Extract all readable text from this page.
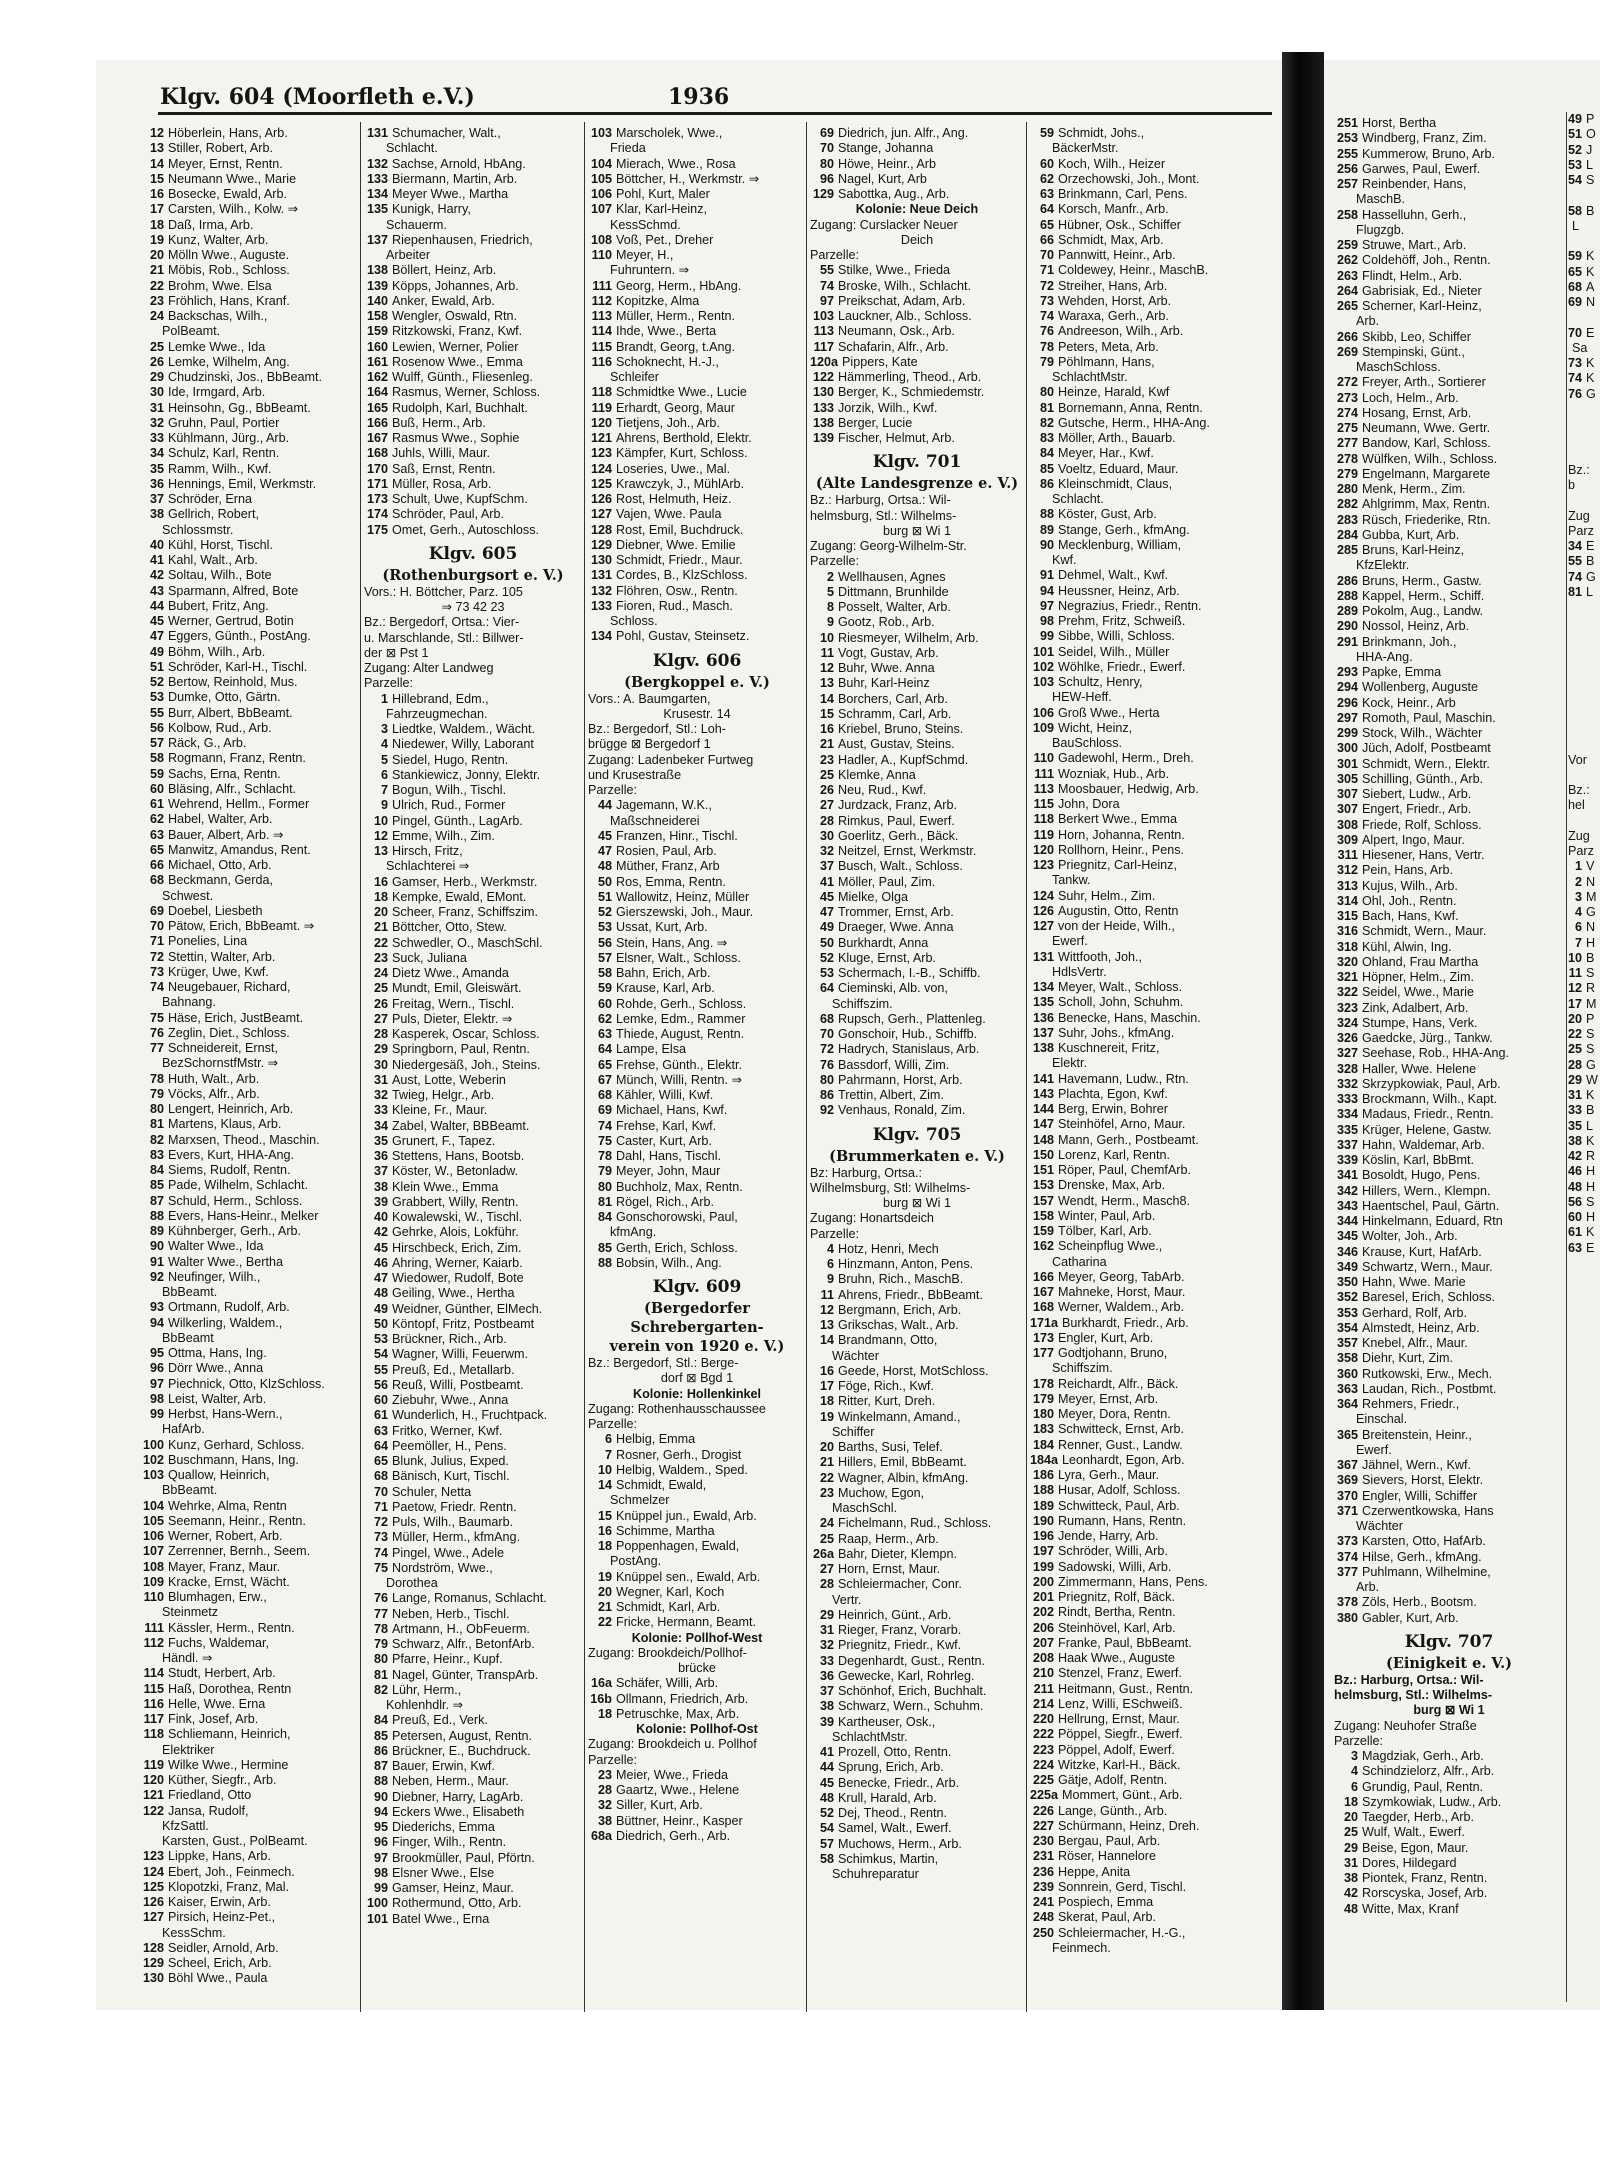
Klgv. 604 (Moorfleth e.V.)	1936
12 Höberlein, Hans, Arb.
13 Stiller, Robert, Arb.
14 Meyer, Ernst, Rentn.
15 Neumann Wwe., Marie
16 Bosecke, Ewald, Arb.
17 Carsten, Wilh., Kolw. ⇒
18 Daß, Irma, Arb.
19 Kunz, Walter, Arb.
20 Mölln Wwe., Auguste.
21 Möbis, Rob., Schloss.
22 Brohm, Wwe. Elsa
23 Fröhlich, Hans, Kranf.
24 Backschas, Wilh.,
PolBeamt.
25 Lemke Wwe., Ida
26 Lemke, Wilhelm, Ang.
29 Chudzinski, Jos., BbBeamt.
30 Ide, Irmgard, Arb.
31 Heinsohn, Gg., BbBeamt.
32 Gruhn, Paul, Portier
33 Kühlmann, Jürg., Arb.
34 Schulz, Karl, Rentn.
35 Ramm, Wilh., Kwf.
36 Hennings, Emil, Werkmstr.
37 Schröder, Erna
38 Gellrich, Robert,
Schlossmstr.
40 Kühl, Horst, Tischl.
41 Kahl, Walt., Arb.
42 Soltau, Wilh., Bote
43 Sparmann, Alfred, Bote
44 Bubert, Fritz, Ang.
45 Werner, Gertrud, Botin
47 Eggers, Günth., PostAng.
49 Böhm, Wilh., Arb.
51 Schröder, Karl-H., Tischl.
52 Bertow, Reinhold, Mus.
53 Dumke, Otto, Gärtn.
55 Burr, Albert, BbBeamt.
56 Kolbow, Rud., Arb.
57 Räck, G., Arb.
58 Rogmann, Franz, Rentn.
59 Sachs, Erna, Rentn.
60 Bläsing, Alfr., Schlacht.
61 Wehrend, Hellm., Former
62 Habel, Walter, Arb.
63 Bauer, Albert, Arb. ⇒
65 Manwitz, Amandus, Rent.
66 Michael, Otto, Arb.
68 Beckmann, Gerda,
Schwest.
69 Doebel, Liesbeth
70 Pätow, Erich, BbBeamt. ⇒
71 Ponelies, Lina
72 Stettin, Walter, Arb.
73 Krüger, Uwe, Kwf.
74 Neugebauer, Richard,
Bahnang.
75 Häse, Erich, JustBeamt.
76 Zeglin, Diet., Schloss.
77 Schneidereit, Ernst,
BezSchornstfMstr. ⇒
78 Huth, Walt., Arb.
79 Vöcks, Alfr., Arb.
80 Lengert, Heinrich, Arb.
81 Martens, Klaus, Arb.
82 Marxsen, Theod., Maschin.
83 Evers, Kurt, HHA-Ang.
84 Siems, Rudolf, Rentn.
85 Pade, Wilhelm, Schlacht.
87 Schuld, Herm., Schloss.
88 Evers, Hans-Heinr., Melker
89 Kühnberger, Gerh., Arb.
90 Walter Wwe., Ida
91 Walter Wwe., Bertha
92 Neufinger, Wilh.,
BbBeamt.
93 Ortmann, Rudolf, Arb.
94 Wilkerling, Waldem.,
BbBeamt
95 Ottma, Hans, Ing.
96 Dörr Wwe., Anna
97 Piechnick, Otto, KlzSchloss.
98 Leist, Walter, Arb.
99 Herbst, Hans-Wern.,
HafArb.
100 Kunz, Gerhard, Schloss.
102 Buschmann, Hans, Ing.
103 Quallow, Heinrich,
BbBeamt.
104 Wehrke, Alma, Rentn
105 Seemann, Heinr., Rentn.
106 Werner, Robert, Arb.
107 Zerrenner, Bernh., Seem.
108 Mayer, Franz, Maur.
109 Kracke, Ernst, Wächt.
110 Blumhagen, Erw.,
Steinmetz
111 Kässler, Herm., Rentn.
112 Fuchs, Waldemar,
Händl. ⇒
114 Studt, Herbert, Arb.
115 Haß, Dorothea, Rentn
116 Helle, Wwe. Erna
117 Fink, Josef, Arb.
118 Schliemann, Heinrich,
Elektriker
119 Wilke Wwe., Hermine
120 Küther, Siegfr., Arb.
121 Friedland, Otto
122 Jansa, Rudolf,
KfzSattl.
Karsten, Gust., PolBeamt.
123 Lippke, Hans, Arb.
124 Ebert, Joh., Feinmech.
125 Klopotzki, Franz, Mal.
126 Kaiser, Erwin, Arb.
127 Pirsich, Heinz-Pet.,
KessSchm.
128 Seidler, Arnold, Arb.
129 Scheel, Erich, Arb.
130 Böhl Wwe., Paula
131 Schumacher, Walt.,
Schlacht.
132 Sachse, Arnold, HbAng.
133 Biermann, Martin, Arb.
134 Meyer Wwe., Martha
135 Kunigk, Harry,
Schauerm.
137 Riepenhausen, Friedrich,
Arbeiter
138 Böllert, Heinz, Arb.
139 Köpps, Johannes, Arb.
140 Anker, Ewald, Arb.
158 Wengler, Oswald, Rtn.
159 Ritzkowski, Franz, Kwf.
160 Lewien, Werner, Polier
161 Rosenow Wwe., Emma
162 Wulff, Günth., Fliesenleg.
164 Rasmus, Werner, Schloss.
165 Rudolph, Karl, Buchhalt.
166 Buß, Herm., Arb.
167 Rasmus Wwe., Sophie
168 Juhls, Willi, Maur.
170 Saß, Ernst, Rentn.
171 Müller, Rosa, Arb.
173 Schult, Uwe, KupfSchm.
174 Schröder, Paul, Arb.
175 Omet, Gerh., Autoschloss.
Klgv. 605
(Rothenburgsort e. V.)
Vors.: H. Böttcher, Parz. 105
⇒ 73 42 23
Bz.: Bergedorf, Ortsa.: Vier-
u. Marschlande, Stl.: Billwer-
der ⊠ Pst 1
Zugang: Alter Landweg
Parzelle:
1 Hillebrand, Edm.,
Fahrzeugmechan.
3 Liedtke, Waldem., Wächt.
4 Niedewer, Willy, Laborant
5 Siedel, Hugo, Rentn.
6 Stankiewicz, Jonny, Elektr.
7 Bogun, Wilh., Tischl.
9 Ulrich, Rud., Former
10 Pingel, Günth., LagArb.
12 Emme, Wilh., Zim.
13 Hirsch, Fritz,
Schlachterei ⇒
16 Gamser, Herb., Werkmstr.
18 Kempke, Ewald, EMont.
20 Scheer, Franz, Schiffszim.
21 Böttcher, Otto, Stew.
22 Schwedler, O., MaschSchl.
23 Suck, Juliana
24 Dietz Wwe., Amanda
25 Mundt, Emil, Gleiswärt.
26 Freitag, Wern., Tischl.
27 Puls, Dieter, Elektr. ⇒
28 Kasperek, Oscar, Schloss.
29 Springborn, Paul, Rentn.
30 Niedergesäß, Joh., Steins.
31 Aust, Lotte, Weberin
32 Twieg, Helgr., Arb.
33 Kleine, Fr., Maur.
34 Zabel, Walter, BBBeamt.
35 Grunert, F., Tapez.
36 Stettens, Hans, Bootsb.
37 Köster, W., Betonladw.
38 Klein Wwe., Emma
39 Grabbert, Willy, Rentn.
40 Kowalewski, W., Tischl.
42 Gehrke, Alois, Lokführ.
45 Hirschbeck, Erich, Zim.
46 Ahring, Werner, Kaiarb.
47 Wiedower, Rudolf, Bote
48 Geiling, Wwe., Hertha
49 Weidner, Günther, ElMech.
50 Köntopf, Fritz, Postbeamt
53 Brückner, Rich., Arb.
54 Wagner, Willi, Feuerwm.
55 Preuß, Ed., Metallarb.
56 Reuß, Willi, Postbeamt.
60 Ziebuhr, Wwe., Anna
61 Wunderlich, H., Fruchtpack.
63 Fritko, Werner, Kwf.
64 Peemöller, H., Pens.
65 Blunk, Julius, Exped.
68 Bänisch, Kurt, Tischl.
70 Schuler, Netta
71 Paetow, Friedr. Rentn.
72 Puls, Wilh., Baumarb.
73 Müller, Herm., kfmAng.
74 Pingel, Wwe., Adele
75 Nordström, Wwe.,
Dorothea
76 Lange, Romanus, Schlacht.
77 Neben, Herb., Tischl.
78 Artmann, H., ObFeuerm.
79 Schwarz, Alfr., BetonfArb.
80 Pfarre, Heinr., Kupf.
81 Nagel, Günter, TranspArb.
82 Lühr, Herm.,
Kohlenhdlr. ⇒
84 Preuß, Ed., Verk.
85 Petersen, August, Rentn.
86 Brückner, E., Buchdruck.
87 Bauer, Erwin, Kwf.
88 Neben, Herm., Maur.
90 Diebner, Harry, LagArb.
94 Eckers Wwe., Elisabeth
95 Diederichs, Emma
96 Finger, Wilh., Rentn.
97 Brookmüller, Paul, Pförtn.
98 Elsner Wwe., Else
99 Gamser, Heinz, Maur.
100 Rothermund, Otto, Arb.
101 Batel Wwe., Erna
103 Marscholek, Wwe.,
Frieda
104 Mierach, Wwe., Rosa
105 Böttcher, H., Werkmstr. ⇒
106 Pohl, Kurt, Maler
107 Klar, Karl-Heinz,
KessSchmd.
108 Voß, Pet., Dreher
110 Meyer, H.,
Fuhruntern. ⇒
111 Georg, Herm., HbAng.
112 Kopitzke, Alma
113 Müller, Herm., Rentn.
114 Ihde, Wwe., Berta
115 Brandt, Georg, t.Ang.
116 Schoknecht, H.-J.,
Schleifer
118 Schmidtke Wwe., Lucie
119 Erhardt, Georg, Maur
120 Tietjens, Joh., Arb.
121 Ahrens, Berthold, Elektr.
123 Kämpfer, Kurt, Schloss.
124 Loseries, Uwe., Mal.
125 Krawczyk, J., MühlArb.
126 Rost, Helmuth, Heiz.
127 Vajen, Wwe. Paula
128 Rost, Emil, Buchdruck.
129 Diebner, Wwe. Emilie
130 Schmidt, Friedr., Maur.
131 Cordes, B., KlzSchloss.
132 Flöhren, Osw., Rentn.
133 Fioren, Rud., Masch.
Schloss.
134 Pohl, Gustav, Steinsetz.
Klgv. 606
(Bergkoppel e. V.)
Vors.: A. Baumgarten,
Krusestr. 14
Bz.: Bergedorf, Stl.: Loh-
brügge ⊠ Bergedorf 1
Zugang: Ladenbeker Furtweg
und Krusestraße
Parzelle:
44 Jagemann, W.K.,
Maßschneiderei
45 Franzen, Hinr., Tischl.
47 Rosien, Paul, Arb.
48 Müther, Franz, Arb
50 Ros, Emma, Rentn.
51 Wallowitz, Heinz, Müller
52 Gierszewski, Joh., Maur.
53 Ussat, Kurt, Arb.
56 Stein, Hans, Ang. ⇒
57 Elsner, Walt., Schloss.
58 Bahn, Erich, Arb.
59 Krause, Karl, Arb.
60 Rohde, Gerh., Schloss.
62 Lemke, Edm., Rammer
63 Thiede, August, Rentn.
64 Lampe, Elsa
65 Frehse, Günth., Elektr.
67 Münch, Willi, Rentn. ⇒
68 Kähler, Willi, Kwf.
69 Michael, Hans, Kwf.
74 Frehse, Karl, Kwf.
75 Caster, Kurt, Arb.
78 Dahl, Hans, Tischl.
79 Meyer, John, Maur
80 Buchholz, Max, Rentn.
81 Rögel, Rich., Arb.
84 Gonschorowski, Paul,
kfmAng.
85 Gerth, Erich, Schloss.
88 Bobsin, Wilh., Ang.
Klgv. 609
(Bergedorfer Schrebergarten-
verein von 1920 e. V.)
Bz.: Bergedorf, Stl.: Berge-
dorf ⊠ Bgd 1
Kolonie: Hollenkinkel
Zugang: Rothenhausschaussee
Parzelle:
6 Helbig, Emma
7 Rosner, Gerh., Drogist
10 Helbig, Waldem., Sped.
14 Schmidt, Ewald,
Schmelzer
15 Knüppel jun., Ewald, Arb.
16 Schimme, Martha
18 Poppenhagen, Ewald,
PostAng.
19 Knüppel sen., Ewald, Arb.
20 Wegner, Karl, Koch
21 Schmidt, Karl, Arb.
22 Fricke, Hermann, Beamt.
Kolonie: Pollhof-West
Zugang: Brookdeich/Pollhof-
brücke
16a Schäfer, Willi, Arb.
16b Ollmann, Friedrich, Arb.
18 Petruschke, Max, Arb.
Kolonie: Pollhof-Ost
Zugang: Brookdeich u. Pollhof
Parzelle:
23 Meier, Wwe., Frieda
28 Gaartz, Wwe., Helene
32 Siller, Kurt, Arb.
38 Büttner, Heinr., Kasper
68a Diedrich, Gerh., Arb.
69 Diedrich, jun. Alfr., Ang.
70 Stange, Johanna
80 Höwe, Heinr., Arb
96 Nagel, Kurt, Arb
129 Sabottka, Aug., Arb.
Kolonie: Neue Deich
Zugang: Curslacker Neuer
Deich
Parzelle:
55 Stilke, Wwe., Frieda
74 Broske, Wilh., Schlacht.
97 Preikschat, Adam, Arb.
103 Lauckner, Alb., Schloss.
113 Neumann, Osk., Arb.
117 Schafarin, Alfr., Arb.
120a Pippers, Kate
122 Hämmerling, Theod., Arb.
130 Berger, K., Schmiedemstr.
133 Jorzik, Wilh., Kwf.
138 Berger, Lucie
139 Fischer, Helmut, Arb.
Klgv. 701
(Alte Landesgrenze e. V.)
Bz.: Harburg, Ortsa.: Wil-
helmsburg, Stl.: Wilhelms-
burg ⊠ Wi 1
Zugang: Georg-Wilhelm-Str.
Parzelle:
2 Wellhausen, Agnes
5 Dittmann, Brunhilde
8 Posselt, Walter, Arb.
9 Gootz, Rob., Arb.
10 Riesmeyer, Wilhelm, Arb.
11 Vogt, Gustav, Arb.
12 Buhr, Wwe. Anna
13 Buhr, Karl-Heinz
14 Borchers, Carl, Arb.
15 Schramm, Carl, Arb.
16 Kriebel, Bruno, Steins.
21 Aust, Gustav, Steins.
23 Hadler, A., KupfSchmd.
25 Klemke, Anna
26 Neu, Rud., Kwf.
27 Jurdzack, Franz, Arb.
28 Rimkus, Paul, Ewerf.
30 Goerlitz, Gerh., Bäck.
32 Neitzel, Ernst, Werkmstr.
37 Busch, Walt., Schloss.
41 Möller, Paul, Zim.
45 Mielke, Olga
47 Trommer, Ernst, Arb.
49 Draeger, Wwe. Anna
50 Burkhardt, Anna
52 Kluge, Ernst, Arb.
53 Schermach, I.-B., Schiffb.
64 Cieminski, Alb. von,
Schiffszim.
68 Rupsch, Gerh., Plattenleg.
70 Gonschoir, Hub., Schiffb.
72 Hadrych, Stanislaus, Arb.
76 Bassdorf, Willi, Zim.
80 Pahrmann, Horst, Arb.
86 Trettin, Albert, Zim.
92 Venhaus, Ronald, Zim.
Klgv. 705
(Brummerkaten e. V.)
Bz: Harburg, Ortsa.:
Wilhelmsburg, Stl: Wilhelms-
burg ⊠ Wi 1
Zugang: Honartsdeich
Parzelle:
4 Hotz, Henri, Mech
6 Hinzmann, Anton, Pens.
9 Bruhn, Rich., MaschB.
11 Ahrens, Friedr., BbBeamt.
12 Bergmann, Erich, Arb.
13 Grikschas, Walt., Arb.
14 Brandmann, Otto,
Wächter
16 Geede, Horst, MotSchloss.
17 Föge, Rich., Kwf.
18 Ritter, Kurt, Dreh.
19 Winkelmann, Amand.,
Schiffer
20 Barths, Susi, Telef.
21 Hillers, Emil, BbBeamt.
22 Wagner, Albin, kfmAng.
23 Muchow, Egon,
MaschSchl.
24 Fichelmann, Rud., Schloss.
25 Raap, Herm., Arb.
26a Bahr, Dieter, Klempn.
27 Horn, Ernst, Maur.
28 Schleiermacher, Conr.
Vertr.
29 Heinrich, Günt., Arb.
31 Rieger, Franz, Vorarb.
32 Priegnitz, Friedr., Kwf.
33 Degenhardt, Gust., Rentn.
36 Gewecke, Karl, Rohrleg.
37 Schönhof, Erich, Buchhalt.
38 Schwarz, Wern., Schuhm.
39 Kartheuser, Osk.,
SchlachtMstr.
41 Prozell, Otto, Rentn.
44 Sprung, Erich, Arb.
45 Benecke, Friedr., Arb.
48 Krull, Harald, Arb.
52 Dej, Theod., Rentn.
54 Samel, Walt., Ewerf.
57 Muchows, Herm., Arb.
58 Schimkus, Martin,
Schuhreparatur
59 Schmidt, Johs.,
BäckerMstr.
60 Koch, Wilh., Heizer
62 Orzechowski, Joh., Mont.
63 Brinkmann, Carl, Pens.
64 Korsch, Manfr., Arb.
65 Hübner, Osk., Schiffer
66 Schmidt, Max, Arb.
70 Pannwitt, Heinr., Arb.
71 Coldewey, Heinr., MaschB.
72 Streiher, Hans, Arb.
73 Wehden, Horst, Arb.
74 Waraxa, Gerh., Arb.
76 Andreeson, Wilh., Arb.
78 Peters, Meta, Arb.
79 Pöhlmann, Hans,
SchlachtMstr.
80 Heinze, Harald, Kwf
81 Bornemann, Anna, Rentn.
82 Gutsche, Herm., HHA-Ang.
83 Möller, Arth., Bauarb.
84 Meyer, Har., Kwf.
85 Voeltz, Eduard, Maur.
86 Kleinschmidt, Claus,
Schlacht.
88 Köster, Gust, Arb.
89 Stange, Gerh., kfmAng.
90 Mecklenburg, William,
Kwf.
91 Dehmel, Walt., Kwf.
94 Heussner, Heinz, Arb.
97 Negrazius, Friedr., Rentn.
98 Prehm, Fritz, Schweiß.
99 Sibbe, Willi, Schloss.
101 Seidel, Wilh., Müller
102 Wöhlke, Friedr., Ewerf.
103 Schultz, Henry,
HEW-Heff.
106 Groß Wwe., Herta
109 Wicht, Heinz,
BauSchloss.
110 Gadewohl, Herm., Dreh.
111 Wozniak, Hub., Arb.
113 Moosbauer, Hedwig, Arb.
115 John, Dora
118 Berkert Wwe., Emma
119 Horn, Johanna, Rentn.
120 Rollhorn, Heinr., Pens.
123 Priegnitz, Carl-Heinz,
Tankw.
124 Suhr, Helm., Zim.
126 Augustin, Otto, Rentn
127 von der Heide, Wilh.,
Ewerf.
131 Wittfooth, Joh.,
HdlsVertr.
134 Meyer, Walt., Schloss.
135 Scholl, John, Schuhm.
136 Benecke, Hans, Maschin.
137 Suhr, Johs., kfmAng.
138 Kuschnereit, Fritz,
Elektr.
141 Havemann, Ludw., Rtn.
143 Plachta, Egon, Kwf.
144 Berg, Erwin, Bohrer
147 Steinhöfel, Arno, Maur.
148 Mann, Gerh., Postbeamt.
150 Lorenz, Karl, Rentn.
151 Röper, Paul, ChemfArb.
153 Drenske, Max, Arb.
157 Wendt, Herm., Masch8.
158 Winter, Paul, Arb.
159 Tölber, Karl, Arb.
162 Scheinpflug Wwe.,
Catharina
166 Meyer, Georg, TabArb.
167 Mahneke, Horst, Maur.
168 Werner, Waldem., Arb.
171a Burkhardt, Friedr., Arb.
173 Engler, Kurt, Arb.
177 Godtjohann, Bruno,
Schiffszim.
178 Reichardt, Alfr., Bäck.
179 Meyer, Ernst, Arb.
180 Meyer, Dora, Rentn.
183 Schwitteck, Ernst, Arb.
184 Renner, Gust., Landw.
184a Leonhardt, Egon, Arb.
186 Lyra, Gerh., Maur.
188 Husar, Adolf, Schloss.
189 Schwitteck, Paul, Arb.
190 Rumann, Hans, Rentn.
196 Jende, Harry, Arb.
197 Schröder, Willi, Arb.
199 Sadowski, Willi, Arb.
200 Zimmermann, Hans, Pens.
201 Priegnitz, Rolf, Bäck.
202 Rindt, Bertha, Rentn.
206 Steinhövel, Karl, Arb.
207 Franke, Paul, BbBeamt.
208 Haak Wwe., Auguste
210 Stenzel, Franz, Ewerf.
211 Heitmann, Gust., Rentn.
214 Lenz, Willi, ESchweiß.
220 Hellrung, Ernst, Maur.
222 Pöppel, Siegfr., Ewerf.
223 Pöppel, Adolf, Ewerf.
224 Witzke, Karl-H., Bäck.
225 Gätje, Adolf, Rentn.
225a Mommert, Günt., Arb.
226 Lange, Günth., Arb.
227 Schürmann, Heinz, Dreh.
230 Bergau, Paul, Arb.
231 Röser, Hannelore
236 Heppe, Anita
239 Sonnrein, Gerd, Tischl.
241 Pospiech, Emma
248 Skerat, Paul, Arb.
250 Schleiermacher, H.-G.,
Feinmech.
251 Horst, Bertha
253 Windberg, Franz, Zim.
255 Kummerow, Bruno, Arb.
256 Garwes, Paul, Ewerf.
257 Reinbender, Hans,
MaschB.
258 Hasselluhn, Gerh.,
Flugzgb.
259 Struwe, Mart., Arb.
262 Coldehöff, Joh., Rentn.
263 Flindt, Helm., Arb.
264 Gabrisiak, Ed., Nieter
265 Scherner, Karl-Heinz,
Arb.
266 Skibb, Leo, Schiffer
269 Stempinski, Günt.,
MaschSchloss.
272 Freyer, Arth., Sortierer
273 Loch, Helm., Arb.
274 Hosang, Ernst, Arb.
275 Neumann, Wwe. Gertr.
277 Bandow, Karl, Schloss.
278 Wülfken, Wilh., Schloss.
279 Engelmann, Margarete
280 Menk, Herm., Zim.
282 Ahlgrimm, Max, Rentn.
283 Rüsch, Friederike, Rtn.
284 Gubba, Kurt, Arb.
285 Bruns, Karl-Heinz,
KfzElektr.
286 Bruns, Herm., Gastw.
288 Kappel, Herm., Schiff.
289 Pokolm, Aug., Landw.
290 Nossol, Heinz, Arb.
291 Brinkmann, Joh.,
HHA-Ang.
293 Papke, Emma
294 Wollenberg, Auguste
296 Kock, Heinr., Arb
297 Romoth, Paul, Maschin.
299 Stock, Wilh., Wächter
300 Jüch, Adolf, Postbeamt
301 Schmidt, Wern., Elektr.
305 Schilling, Günth., Arb.
307 Siebert, Ludw., Arb.
307 Engert, Friedr., Arb.
308 Friede, Rolf, Schloss.
309 Alpert, Ingo, Maur.
311 Hiesener, Hans, Vertr.
312 Pein, Hans, Arb.
313 Kujus, Wilh., Arb.
314 Ohl, Joh., Rentn.
315 Bach, Hans, Kwf.
316 Schmidt, Wern., Maur.
318 Kühl, Alwin, Ing.
320 Ohland, Frau Martha
321 Höpner, Helm., Zim.
322 Seidel, Wwe., Marie
323 Zink, Adalbert, Arb.
324 Stumpe, Hans, Verk.
326 Gaedcke, Jürg., Tankw.
327 Seehase, Rob., HHA-Ang.
328 Haller, Wwe. Helene
332 Skrzypkowiak, Paul, Arb.
333 Brockmann, Wilh., Kapt.
334 Madaus, Friedr., Rentn.
335 Krüger, Helene, Gastw.
337 Hahn, Waldemar, Arb.
339 Köslin, Karl, BbBmt.
341 Bosoldt, Hugo, Pens.
342 Hillers, Wern., Klempn.
343 Haentschel, Paul, Gärtn.
344 Hinkelmann, Eduard, Rtn
345 Wolter, Joh., Arb.
346 Krause, Kurt, HafArb.
349 Schwartz, Wern., Maur.
350 Hahn, Wwe. Marie
352 Baresel, Erich, Schloss.
353 Gerhard, Rolf, Arb.
354 Almstedt, Heinz, Arb.
357 Knebel, Alfr., Maur.
358 Diehr, Kurt, Zim.
360 Rutkowski, Erw., Mech.
363 Laudan, Rich., Postbmt.
364 Rehmers, Friedr.,
Einschal.
365 Breitenstein, Heinr.,
Ewerf.
367 Jähnel, Wern., Kwf.
369 Sievers, Horst, Elektr.
370 Engler, Willi, Schiffer
371 Czerwentkowska, Hans
Wächter
373 Karsten, Otto, HafArb.
374 Hilse, Gerh., kfmAng.
377 Puhlmann, Wilhelmine,
Arb.
378 Zöls, Herb., Bootsm.
380 Gabler, Kurt, Arb.
Klgv. 707
(Einigkeit e. V.)
Bz.: Harburg, Ortsa.: Wil-
helmsburg, Stl.: Wilhelms-
burg ⊠ Wi 1
Zugang: Neuhofer Straße
Parzelle:
3 Magdziak, Gerh., Arb.
4 Schindzielorz, Alfr., Arb.
6 Grundig, Paul, Rentn.
18 Szymkowiak, Ludw., Arb.
20 Taegder, Herb., Arb.
25 Wulf, Walt., Ewerf.
29 Beise, Egon, Maur.
31 Dores, Hildegard
38 Piontek, Franz, Rentn.
42 Rorscyska, Josef, Arb.
48 Witte, Max, Kranf
49 P
51 O
52 J
53 L
54 S

58 B
L

59 K
65 K
68 A
69 N

70 E
Sa
73 K
74 K
76 G

Bz.:
b

Zug
Parz
34 E
55 B
74 G
81 L

Vor

Bz.:
hel

Zug
Parz
1 V
2 N
3 M
4 G
6 N
7 H
10 B
11 S
12 R
17 M
20 P
22 S
25 S
28 G
29 W
31 K
33 B
35 L
38 K
42 R
46 H
48 H
56 S
60 H
61 K
63 E
